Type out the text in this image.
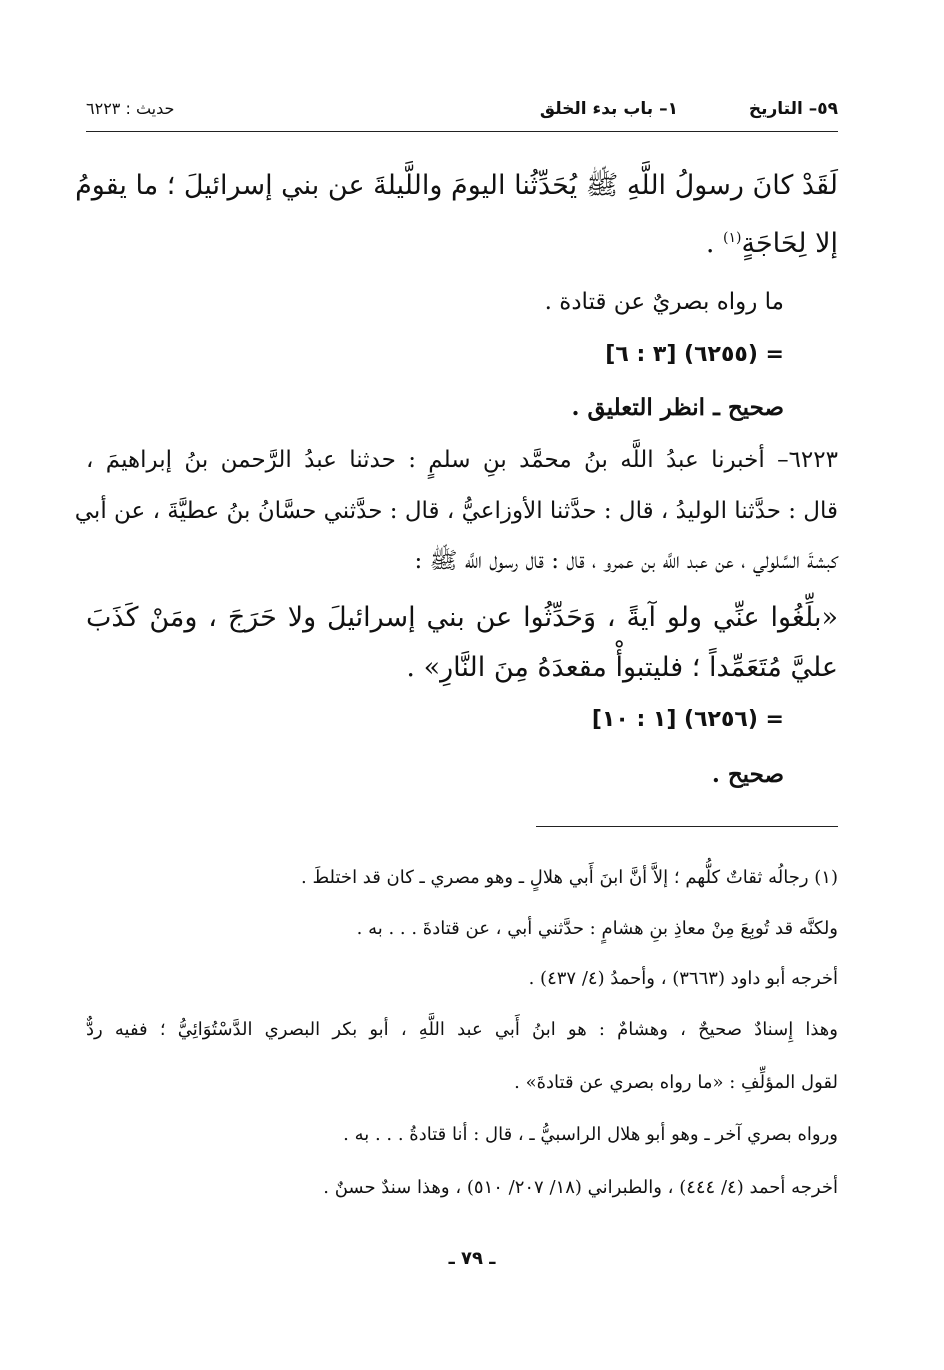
٥٩– التاريخ
١– باب بدء الخلق
حديث : ٦٢٢٣
لَقَدْ كانَ رسولُ اللَّهِ ﷺ يُحَدِّثُنا اليومَ واللَّيلةَ عن بني إسرائيلَ ؛ ما يقومُ
إلا لِحَاجَةٍ$^{(١)}$ .
ما رواه بصريٌ عن قتادة .
= (٦٢٥٥) [٣ : ٦]
صحيح ـ انظر التعليق .
٦٢٢٣– أخبرنا عبدُ اللَّه بنُ محمَّد بنِ سلمٍ : حدثنا عبدُ الرَّحمن بنُ إبراهيمَ ،
قال : حدَّثنا الوليدُ ، قال : حدَّثنا الأوزاعيُّ ، قال : حدَّثني حسَّانُ بنُ عطيَّةَ ، عن أبي
كبشةَ السَّلولي ، عن عبد اللَّه بن عمرو ، قال : قال رسول اللَّه ﷺ :
«بلِّغُوا عنِّي ولو آيةً ، وَحَدِّثُوا عن بني إسرائيلَ ولا حَرَجَ ، ومَنْ كَذَبَ
عليَّ مُتَعَمِّداً ؛ فليتبوأْ مقعدَهُ مِنَ النَّارِ» .
= (٦٢٥٦) [١ : ١٠]
صحيح .
(١) رجالُه ثقاتٌ كلُّهم ؛ إلاَّ أنَّ ابنَ أَبي هلالٍ ـ وهو مصري ـ كان قد اختلطَ .
ولكنَّه قد تُوبِعَ مِنْ معاذِ بنِ هشامٍ : حدَّثني أبي ، عن قتادةَ . . . به .
أخرجه أبو داود (٣٦٦٣) ، وأحمدُ (٤/ ٤٣٧) .
وهذا إِسنادٌ صحيحٌ ، وهشامٌ : هو ابنُ أَبي عبد اللَّهِ ، أبو بكر البصري الدَّسْتُوَائِيُّ ؛ ففيه ردٌّ
لقول المؤلِّفِ : «ما رواه بصري عن قتادةَ» .
ورواه بصري آخر ـ وهو أبو هلال الراسبيُّ ـ ، قال : أنا قتادةُ . . . به .
أخرجه أحمد (٤/ ٤٤٤) ، والطبراني (١٨/ ٢٠٧/ ٥١٠) ، وهذا سندٌ حسنٌ .
ـ ٧٩ ـ
